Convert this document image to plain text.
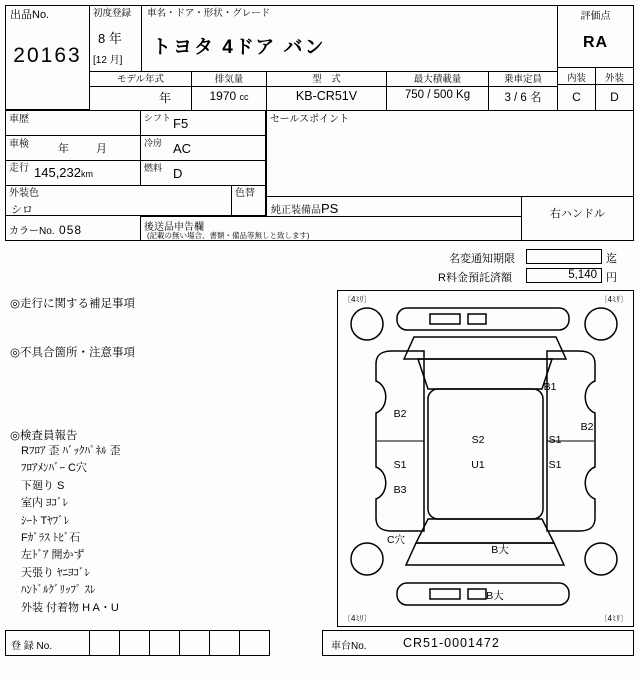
出品No.
20163
初度登録
8 年
[12 月]
車名・ドア・形状・グレード
トヨタ 4ドア バン
評価点
RA
内装	外装
C	D
モデル年式
年
排気量
1970 cc
型　式
KB-CR51V
最大積載量
750 / 500 Kg
乗車定員
3 / 6 名
車歴	シフト F5
車検	年　月	冷房 AC
走行 145,232km
燃料 D
セールスポイント
外装色
シロ
色替
純正装備品PS	右ハンドル
カラーNo. 058	後送品申告欄
(記載の無い場合、書類・備品等無しと致します)
名変通知期限	迄
R料金預託済額	5,140 円
◎走行に関する補足事項
◎不具合箇所・注意事項
◎検査員報告
Rﾌﾛｱ 歪 ﾊﾞｯｸﾊﾟﾈﾙ 歪
ﾌﾛｱﾒﾝﾊﾞｰ C穴
下廻り S
室内 ﾖｺﾞﾚ
ｼｰﾄ Tﾔﾌﾞﾚ
Fｶﾞﾗｽ ﾄﾋﾞ石
左ﾄﾞｱ 開かず
天張り ﾔﾆﾖｺﾞﾚ
ﾊﾝﾄﾞﾙｸﾞﾘｯﾌﾟ ｽﾚ
外装 付着物 H A・U
〔4ﾐﾘ〕	〔4ﾐﾘ〕
〔4ﾐﾘ〕	〔4ﾐﾘ〕
B1
B2
B2
S2	S1
S1	U1	S1
B3
C穴
B大
B大
登 録 No.	車台No.	CR51-0001472
